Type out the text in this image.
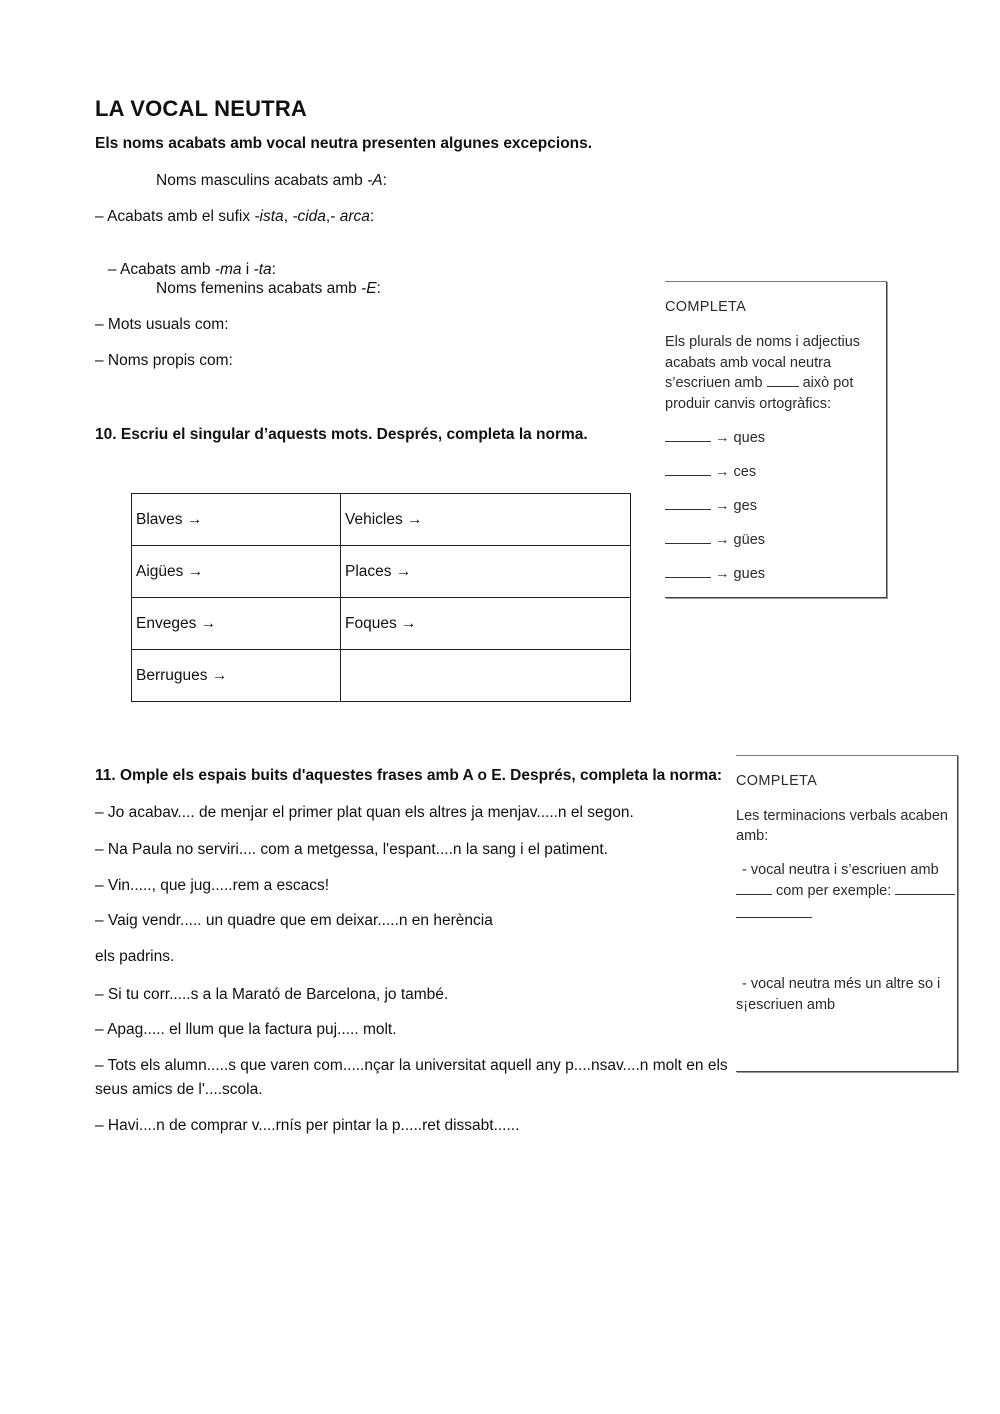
LA VOCAL NEUTRA
Els noms acabats amb vocal neutra presenten algunes excepcions.
Noms masculins acabats amb -A:
– Acabats amb el sufix -ista, -cida,- arca:

– Acabats amb -ma i -ta:

Noms femenins acabats amb -E:
– Mots usuals com:
– Noms propis com:
10. Escriu el singular d’aquests mots. Després, completa la norma.
Blaves →	Vehicles →
Aigües →	Places →
Enveges →	Foques →
Berrugues →	
COMPLETA
Els plurals de noms i adjectius
acabats amb vocal neutra
s’escriuen amb  això pot
produir canvis ortogràfics:
→ ques
→ ces
→ ges
→ gües
→ gues
11. Omple els espais buits d'aquestes frases amb A o E. Després, completa la norma:
– Jo acabav.... de menjar el primer plat quan els altres ja menjav.....n el segon.
– Na Paula no serviri.... com a metgessa, l'espant....n la sang i el patiment.
– Vin....., que jug.....rem a escacs!
– Vaig vendr..... un quadre que em deixar.....n en herència
els padrins.
– Si tu corr.....s a la Marató de Barcelona, jo també.
– Apag..... el llum que la factura puj..... molt.
– Tots els alumn.....s que varen com.....nçar la universitat aquell any p....nsav....n molt en els
seus amics de l'....scola.
– Havi....n de comprar v....rnís per pintar la p.....ret dissabt......
COMPLETA
Les terminacions verbals acaben
amb:
- vocal neutra i s’escriuen amb
com per exemple:
- vocal neutra més un altre so i
s¡escriuen amb
